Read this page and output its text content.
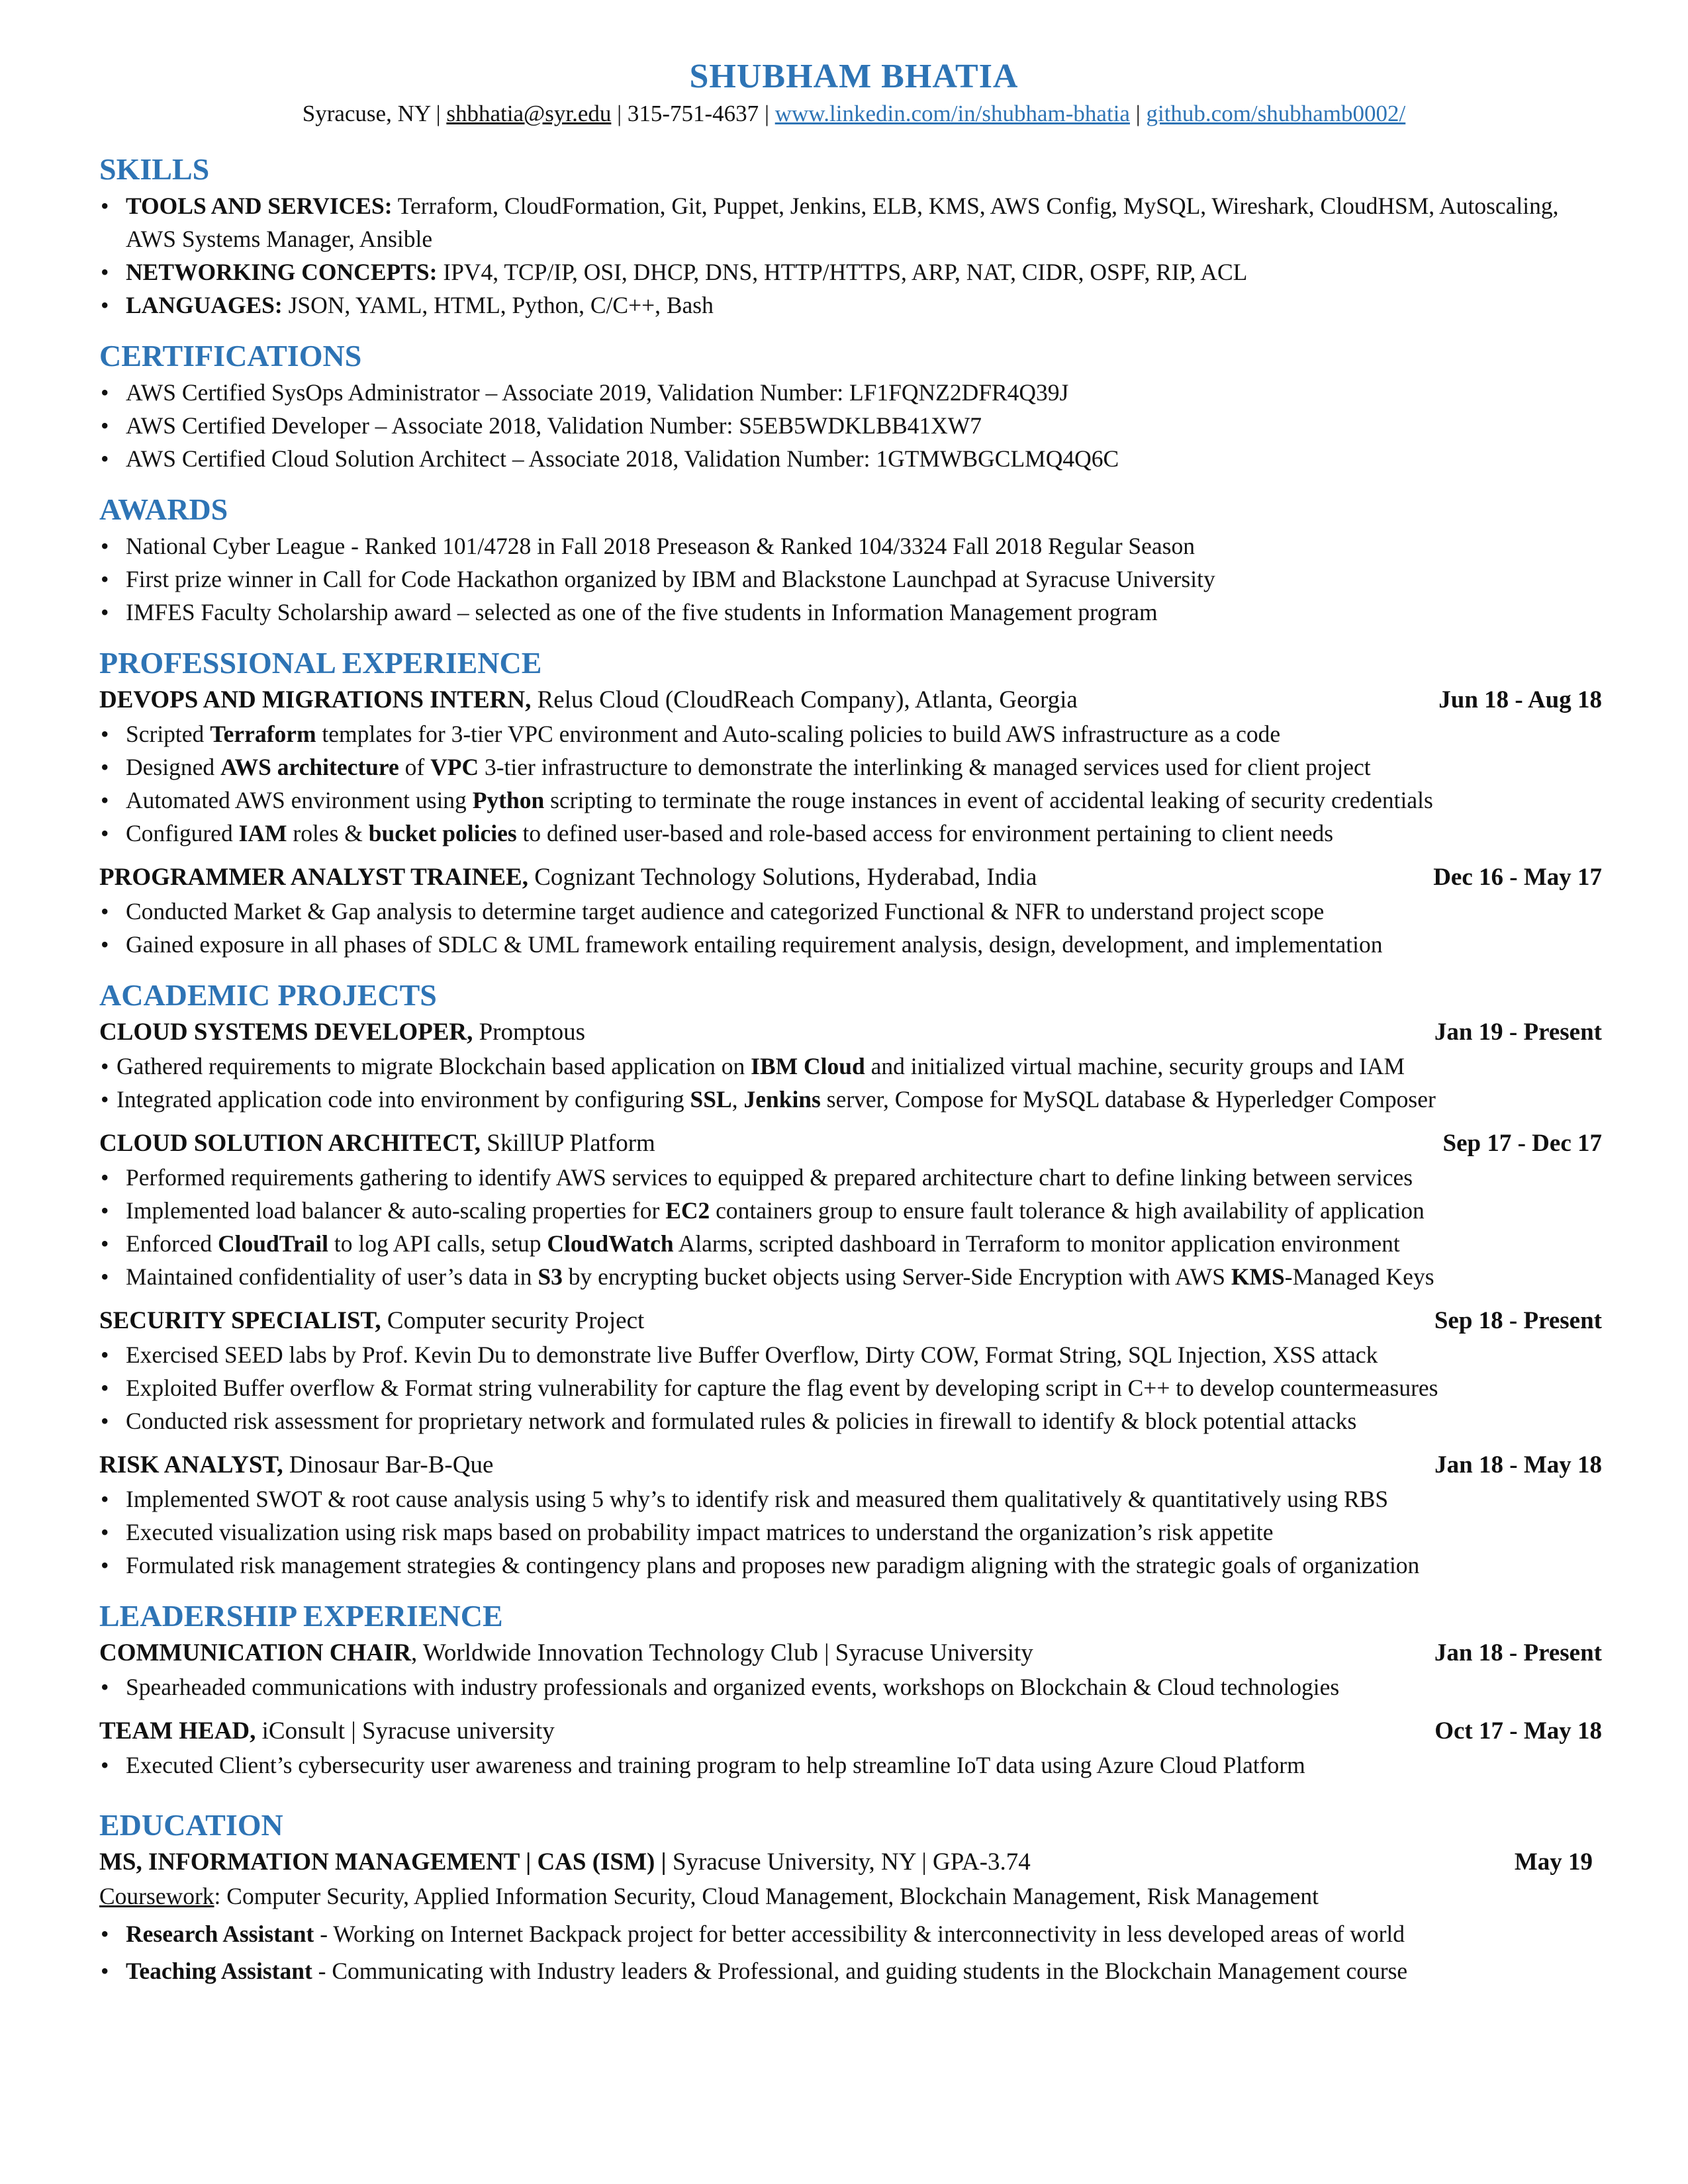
SHUBHAM BHATIA
Syracuse, NY | shbhatia@syr.edu | 315-751-4637 | www.linkedin.com/in/shubham-bhatia | github.com/shubhamb0002/
SKILLS
• TOOLS AND SERVICES: Terraform, CloudFormation, Git, Puppet, Jenkins, ELB, KMS, AWS Config, MySQL, Wireshark, CloudHSM, Autoscaling, AWS Systems Manager, Ansible
• NETWORKING CONCEPTS: IPV4, TCP/IP, OSI, DHCP, DNS, HTTP/HTTPS, ARP, NAT, CIDR, OSPF, RIP, ACL
• LANGUAGES: JSON, YAML, HTML, Python, C/C++, Bash
CERTIFICATIONS
• AWS Certified SysOps Administrator – Associate 2019, Validation Number: LF1FQNZ2DFR4Q39J
• AWS Certified Developer – Associate 2018, Validation Number: S5EB5WDKLBB41XW7
• AWS Certified Cloud Solution Architect – Associate 2018, Validation Number: 1GTMWBGCLMQ4Q6C
AWARDS
• National Cyber League - Ranked 101/4728 in Fall 2018 Preseason & Ranked 104/3324 Fall 2018 Regular Season
• First prize winner in Call for Code Hackathon organized by IBM and Blackstone Launchpad at Syracuse University
• IMFES Faculty Scholarship award – selected as one of the five students in Information Management program
PROFESSIONAL EXPERIENCE
DEVOPS AND MIGRATIONS INTERN, Relus Cloud (CloudReach Company), Atlanta, Georgia	Jun 18 - Aug 18
• Scripted Terraform templates for 3-tier VPC environment and Auto-scaling policies to build AWS infrastructure as a code
• Designed AWS architecture of VPC 3-tier infrastructure to demonstrate the interlinking & managed services used for client project
• Automated AWS environment using Python scripting to terminate the rouge instances in event of accidental leaking of security credentials
• Configured IAM roles & bucket policies to defined user-based and role-based access for environment pertaining to client needs
PROGRAMMER ANALYST TRAINEE, Cognizant Technology Solutions, Hyderabad, India	Dec 16 - May 17
• Conducted Market & Gap analysis to determine target audience and categorized Functional & NFR to understand project scope
• Gained exposure in all phases of SDLC & UML framework entailing requirement analysis, design, development, and implementation
ACADEMIC PROJECTS
CLOUD SYSTEMS DEVELOPER, Promptous	Jan 19 - Present
• Gathered requirements to migrate Blockchain based application on IBM Cloud and initialized virtual machine, security groups and IAM
• Integrated application code into environment by configuring SSL, Jenkins server, Compose for MySQL database & Hyperledger Composer
CLOUD SOLUTION ARCHITECT, SkillUP Platform	Sep 17 - Dec 17
• Performed requirements gathering to identify AWS services to equipped & prepared architecture chart to define linking between services
• Implemented load balancer & auto-scaling properties for EC2 containers group to ensure fault tolerance & high availability of application
• Enforced CloudTrail to log API calls, setup CloudWatch Alarms, scripted dashboard in Terraform to monitor application environment
• Maintained confidentiality of user’s data in S3 by encrypting bucket objects using Server-Side Encryption with AWS KMS-Managed Keys
SECURITY SPECIALIST, Computer security Project	Sep 18 - Present
• Exercised SEED labs by Prof. Kevin Du to demonstrate live Buffer Overflow, Dirty COW, Format String, SQL Injection, XSS attack
• Exploited Buffer overflow & Format string vulnerability for capture the flag event by developing script in C++ to develop countermeasures
• Conducted risk assessment for proprietary network and formulated rules & policies in firewall to identify & block potential attacks
RISK ANALYST, Dinosaur Bar-B-Que	Jan 18 - May 18
• Implemented SWOT & root cause analysis using 5 why’s to identify risk and measured them qualitatively & quantitatively using RBS
• Executed visualization using risk maps based on probability impact matrices to understand the organization’s risk appetite
• Formulated risk management strategies & contingency plans and proposes new paradigm aligning with the strategic goals of organization
LEADERSHIP EXPERIENCE
COMMUNICATION CHAIR, Worldwide Innovation Technology Club | Syracuse University	Jan 18 - Present
• Spearheaded communications with industry professionals and organized events, workshops on Blockchain & Cloud technologies
TEAM HEAD, iConsult | Syracuse university	Oct 17 - May 18
• Executed Client’s cybersecurity user awareness and training program to help streamline IoT data using Azure Cloud Platform
EDUCATION
MS, INFORMATION MANAGEMENT | CAS (ISM) | Syracuse University, NY | GPA-3.74	May 19
Coursework: Computer Security, Applied Information Security, Cloud Management, Blockchain Management, Risk Management
• Research Assistant - Working on Internet Backpack project for better accessibility & interconnectivity in less developed areas of world
• Teaching Assistant - Communicating with Industry leaders & Professional, and guiding students in the Blockchain Management course
